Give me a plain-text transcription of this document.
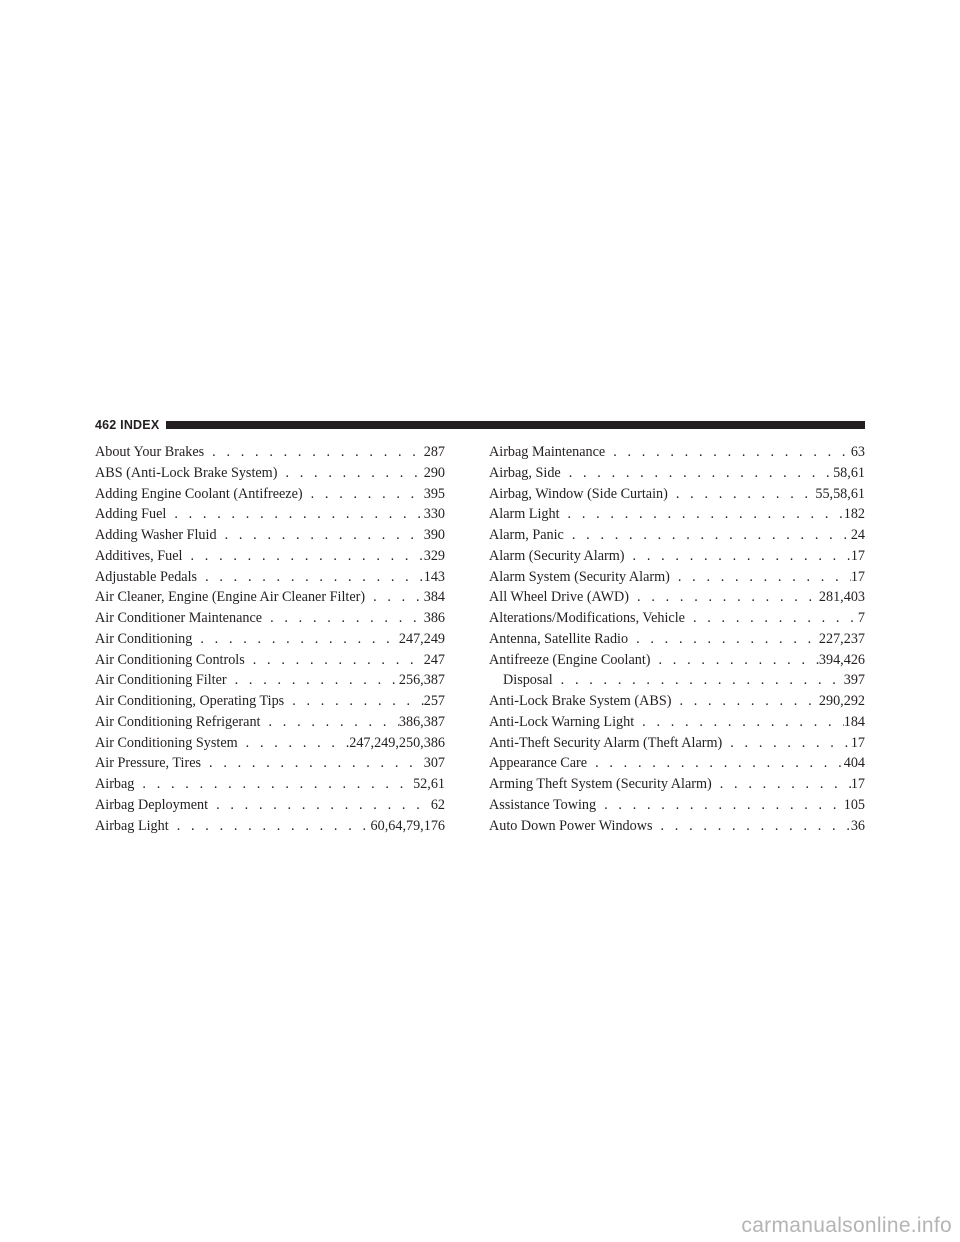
462 INDEX
About Your Brakes . . .	287
ABS (Anti-Lock Brake System) . . .	290
Adding Engine Coolant (Antifreeze) . . .	395
Adding Fuel . . .	330
Adding Washer Fluid . . .	390
Additives, Fuel . . .	329
Adjustable Pedals . . .	143
Air Cleaner, Engine (Engine Air Cleaner Filter) . . .	384
Air Conditioner Maintenance . . .	386
Air Conditioning . . .	247,249
Air Conditioning Controls . . .	247
Air Conditioning Filter . . .	256,387
Air Conditioning, Operating Tips . . .	257
Air Conditioning Refrigerant . . .	386,387
Air Conditioning System . . .	247,249,250,386
Air Pressure, Tires . . .	307
Airbag . . .	52,61
Airbag Deployment . . .	62
Airbag Light . . .	60,64,79,176
Airbag Maintenance . . .	63
Airbag, Side . . .	58,61
Airbag, Window (Side Curtain) . . .	55,58,61
Alarm Light . . .	182
Alarm, Panic . . .	24
Alarm (Security Alarm) . . .	17
Alarm System (Security Alarm) . . .	17
All Wheel Drive (AWD) . . .	281,403
Alterations/Modifications, Vehicle . . .	7
Antenna, Satellite Radio . . .	227,237
Antifreeze (Engine Coolant) . . .	394,426
Disposal . . .	397
Anti-Lock Brake System (ABS) . . .	290,292
Anti-Lock Warning Light . . .	184
Anti-Theft Security Alarm (Theft Alarm) . . .	17
Appearance Care . . .	404
Arming Theft System (Security Alarm) . . .	17
Assistance Towing . . .	105
Auto Down Power Windows . . .	36
carmanualsonline.info
